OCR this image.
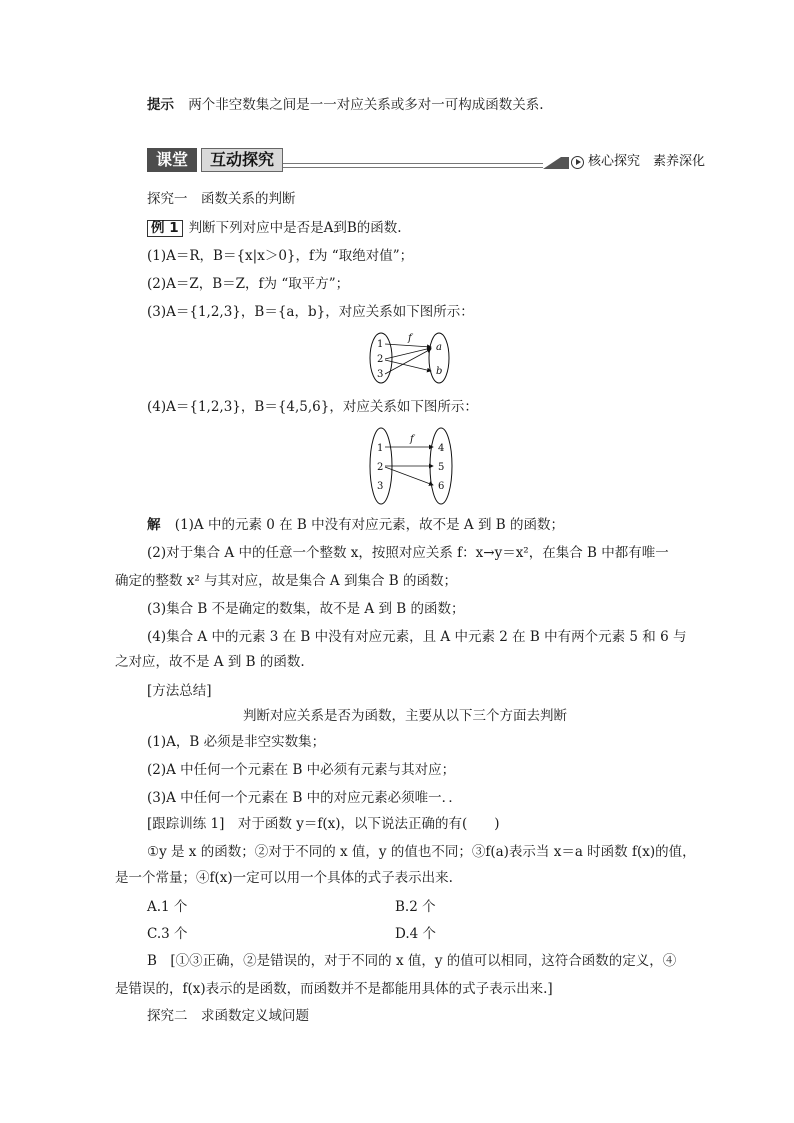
提示 两个非空数集之间是一一对应关系或多对一可构成函数关系.
课堂	互动探究	核心探究　素养深化
探究一　函数关系的判断
例 1 判断下列对应中是否是A到B的函数.
(1)A＝R，B＝{x|x＞0}，f为 “取绝对值”；
(2)A＝Z，B＝Z，f为 “取平方”；
(3)A＝{1,2,3}，B＝{a，b}，对应关系如下图所示：
1
2
3
a
b
f
(4)A＝{1,2,3}，B＝{4,5,6}，对应关系如下图所示：
1
2
3
4
5
6
f
解 (1)A 中的元素 0 在 B 中没有对应元素，故不是 A 到 B 的函数；
(2)对于集合 A 中的任意一个整数 x，按照对应关系 f：x→y＝x²，在集合 B 中都有唯一
确定的整数 x² 与其对应，故是集合 A 到集合 B 的函数；
(3)集合 B 不是确定的数集，故不是 A 到 B 的函数；
(4)集合 A 中的元素 3 在 B 中没有对应元素，且 A 中元素 2 在 B 中有两个元素 5 和 6 与
之对应，故不是 A 到 B 的函数.
[方法总结]
判断对应关系是否为函数，主要从以下三个方面去判断
(1)A，B 必须是非空实数集；
(2)A 中任何一个元素在 B 中必须有元素与其对应；
(3)A 中任何一个元素在 B 中的对应元素必须唯一．．
[跟踪训练 1]　对于函数 y＝f(x)，以下说法正确的有(　　)
①y 是 x 的函数；②对于不同的 x 值，y 的值也不同；③f(a)表示当 x＝a 时函数 f(x)的值，
是一个常量；④f(x)一定可以用一个具体的式子表示出来.
A.1 个	B.2 个
C.3 个	D.4 个
B　[①③正确，②是错误的，对于不同的 x 值，y 的值可以相同，这符合函数的定义，④
是错误的，f(x)表示的是函数，而函数并不是都能用具体的式子表示出来.]
探究二　求函数定义域问题
